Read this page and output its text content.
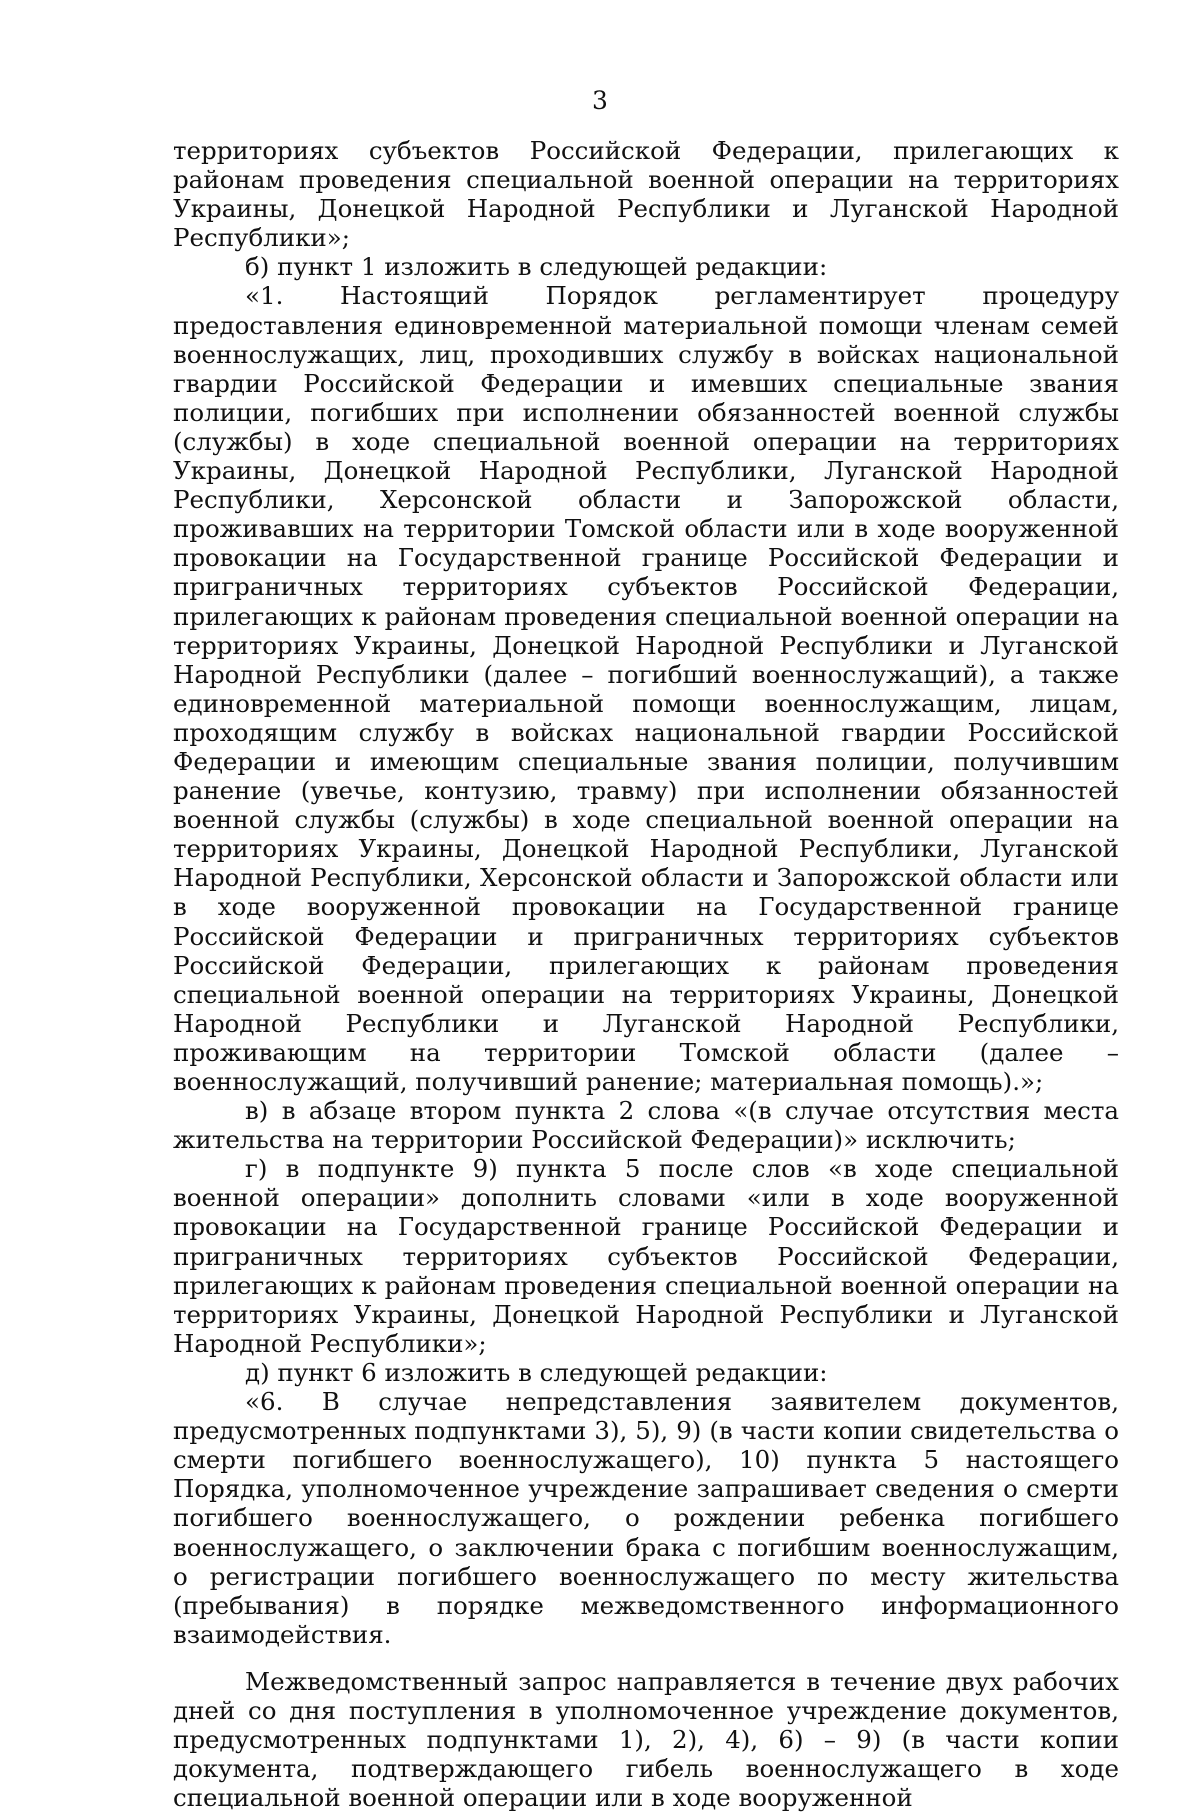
3

территориях субъектов Российской Федерации, прилегающих к районам проведения специальной военной операции на территориях Украины, Донецкой Народной Республики и Луганской Народной Республики»;

б) пункт 1 изложить в следующей редакции:

«1. Настоящий Порядок регламентирует процедуру предоставления единовременной материальной помощи членам семей военнослужащих, лиц, проходивших службу в войсках национальной гвардии Российской Федерации и имевших специальные звания полиции, погибших при исполнении обязанностей военной службы (службы) в ходе специальной военной операции на территориях Украины, Донецкой Народной Республики, Луганской Народной Республики, Херсонской области и Запорожской области, проживавших на территории Томской области или в ходе вооруженной провокации на Государственной границе Российской Федерации и приграничных территориях субъектов Российской Федерации, прилегающих к районам проведения специальной военной операции на территориях Украины, Донецкой Народной Республики и Луганской Народной Республики (далее – погибший военнослужащий), а также единовременной материальной помощи военнослужащим, лицам, проходящим службу в войсках национальной гвардии Российской Федерации и имеющим специальные звания полиции, получившим ранение (увечье, контузию, травму) при исполнении обязанностей военной службы (службы) в ходе специальной военной операции на территориях Украины, Донецкой Народной Республики, Луганской Народной Республики, Херсонской области и Запорожской области или в ходе вооруженной провокации на Государственной границе Российской Федерации и приграничных территориях субъектов Российской Федерации, прилегающих к районам проведения специальной военной операции на территориях Украины, Донецкой Народной Республики и Луганской Народной Республики, проживающим на территории Томской области (далее – военнослужащий, получивший ранение; материальная помощь).»;

в) в абзаце втором пункта 2 слова «(в случае отсутствия места жительства на территории Российской Федерации)» исключить;

г) в подпункте 9) пункта 5 после слов «в ходе специальной военной операции» дополнить словами «или в ходе вооруженной провокации на Государственной границе Российской Федерации и приграничных территориях субъектов Российской Федерации, прилегающих к районам проведения специальной военной операции на территориях Украины, Донецкой Народной Республики и Луганской Народной Республики»;

д) пункт 6 изложить в следующей редакции:

«6. В случае непредставления заявителем документов, предусмотренных подпунктами 3), 5), 9) (в части копии свидетельства о смерти погибшего военнослужащего), 10) пункта 5 настоящего Порядка, уполномоченное учреждение запрашивает сведения о смерти погибшего военнослужащего, о рождении ребенка погибшего военнослужащего, о заключении брака с погибшим военнослужащим, о регистрации погибшего военнослужащего по месту жительства (пребывания) в порядке межведомственного информационного взаимодействия.

Межведомственный запрос направляется в течение двух рабочих дней со дня поступления в уполномоченное учреждение документов, предусмотренных подпунктами 1), 2), 4), 6) – 9) (в части копии документа, подтверждающего гибель военнослужащего в ходе специальной военной операции или в ходе вооруженной
